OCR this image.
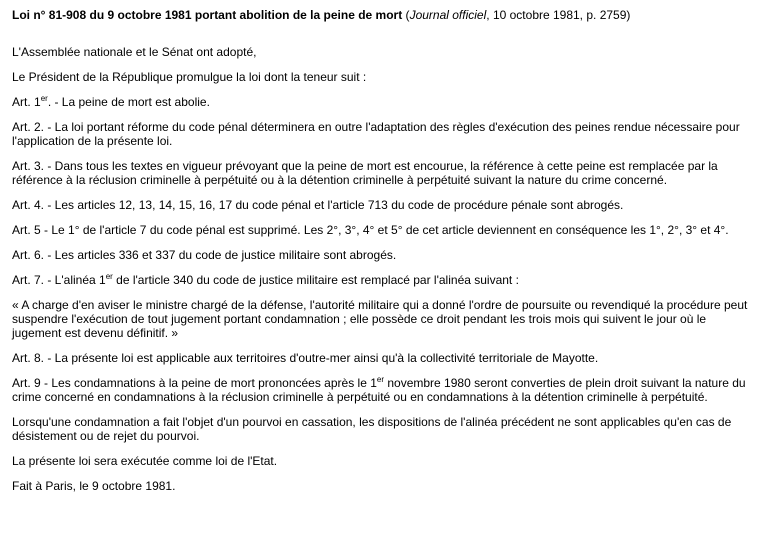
Loi n° 81-908 du 9 octobre 1981 portant abolition de la peine de mort (Journal officiel, 10 octobre 1981, p. 2759)

L'Assemblée nationale et le Sénat ont adopté,

Le Président de la République promulgue la loi dont la teneur suit :

Art. 1er. - La peine de mort est abolie.

Art. 2. - La loi portant réforme du code pénal déterminera en outre l'adaptation des règles d'exécution des peines rendue nécessaire pour l'application de la présente loi.

Art. 3. - Dans tous les textes en vigueur prévoyant que la peine de mort est encourue, la référence à cette peine est remplacée par la référence à la réclusion criminelle à perpétuité ou à la détention criminelle à perpétuité suivant la nature du crime concerné.

Art. 4. - Les articles 12, 13, 14, 15, 16, 17 du code pénal et l'article 713 du code de procédure pénale sont abrogés.

Art. 5 - Le 1° de l'article 7 du code pénal est supprimé. Les 2°, 3°, 4° et 5° de cet article deviennent en conséquence les 1°, 2°, 3° et 4°.

Art. 6. - Les articles 336 et 337 du code de justice militaire sont abrogés.

Art. 7. - L'alinéa 1er de l'article 340 du code de justice militaire est remplacé par l'alinéa suivant :

« A charge d'en aviser le ministre chargé de la défense, l'autorité militaire qui a donné l'ordre de poursuite ou revendiqué la procédure peut suspendre l'exécution de tout jugement portant condamnation ; elle possède ce droit pendant les trois mois qui suivent le jour où le jugement est devenu définitif. »

Art. 8. - La présente loi est applicable aux territoires d'outre-mer ainsi qu'à la collectivité territoriale de Mayotte.

Art. 9 - Les condamnations à la peine de mort prononcées après le 1er novembre 1980 seront converties de plein droit suivant la nature du crime concerné en condamnations à la réclusion criminelle à perpétuité ou en condamnations à la détention criminelle à perpétuité.

Lorsqu'une condamnation a fait l'objet d'un pourvoi en cassation, les dispositions de l'alinéa précédent ne sont applicables qu'en cas de désistement ou de rejet du pourvoi.

La présente loi sera exécutée comme loi de l'Etat.

Fait à Paris, le 9 octobre 1981.
